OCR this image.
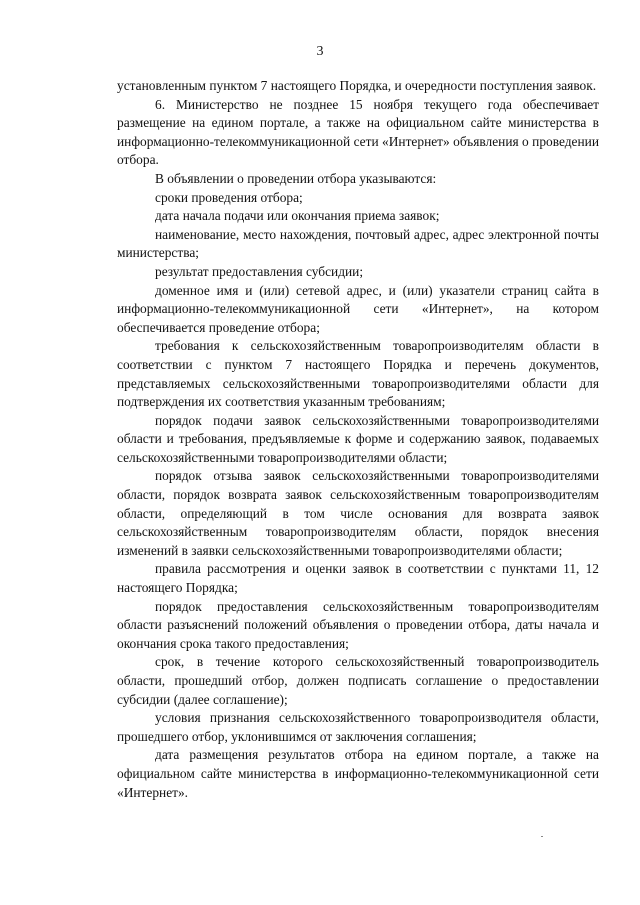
3

установленным пунктом 7 настоящего Порядка, и очередности поступления заявок.

6. Министерство не позднее 15 ноября текущего года обеспечивает размещение на едином портале, а также на официальном сайте министерства в информационно-телекоммуникационной сети «Интернет» объявления о проведении отбора.

В объявлении о проведении отбора указываются:

сроки проведения отбора;

дата начала подачи или окончания приема заявок;

наименование, место нахождения, почтовый адрес, адрес электронной почты министерства;

результат предоставления субсидии;

доменное имя и (или) сетевой адрес, и (или) указатели страниц сайта в информационно-телекоммуникационной сети «Интернет», на котором обеспечивается проведение отбора;

требования к сельскохозяйственным товаропроизводителям области в соответствии с пунктом 7 настоящего Порядка и перечень документов, представляемых сельскохозяйственными товаропроизводителями области для подтверждения их соответствия указанным требованиям;

порядок подачи заявок сельскохозяйственными товаропроизводителями области и требования, предъявляемые к форме и содержанию заявок, подаваемых сельскохозяйственными товаропроизводителями области;

порядок отзыва заявок сельскохозяйственными товаропроизводителями области, порядок возврата заявок сельскохозяйственным товаропроизводителям области, определяющий в том числе основания для возврата заявок сельскохозяйственным товаропроизводителям области, порядок внесения изменений в заявки сельскохозяйственными товаропроизводителями области;

правила рассмотрения и оценки заявок в соответствии с пунктами 11, 12 настоящего Порядка;

порядок предоставления сельскохозяйственным товаропроизводителям области разъяснений положений объявления о проведении отбора, даты начала и окончания срока такого предоставления;

срок, в течение которого сельскохозяйственный товаропроизводитель области, прошедший отбор, должен подписать соглашение о предоставлении субсидии (далее соглашение);

условия признания сельскохозяйственного товаропроизводителя области, прошедшего отбор, уклонившимся от заключения соглашения;

дата размещения результатов отбора на едином портале, а также на официальном сайте министерства в информационно-телекоммуникационной сети «Интернет».
